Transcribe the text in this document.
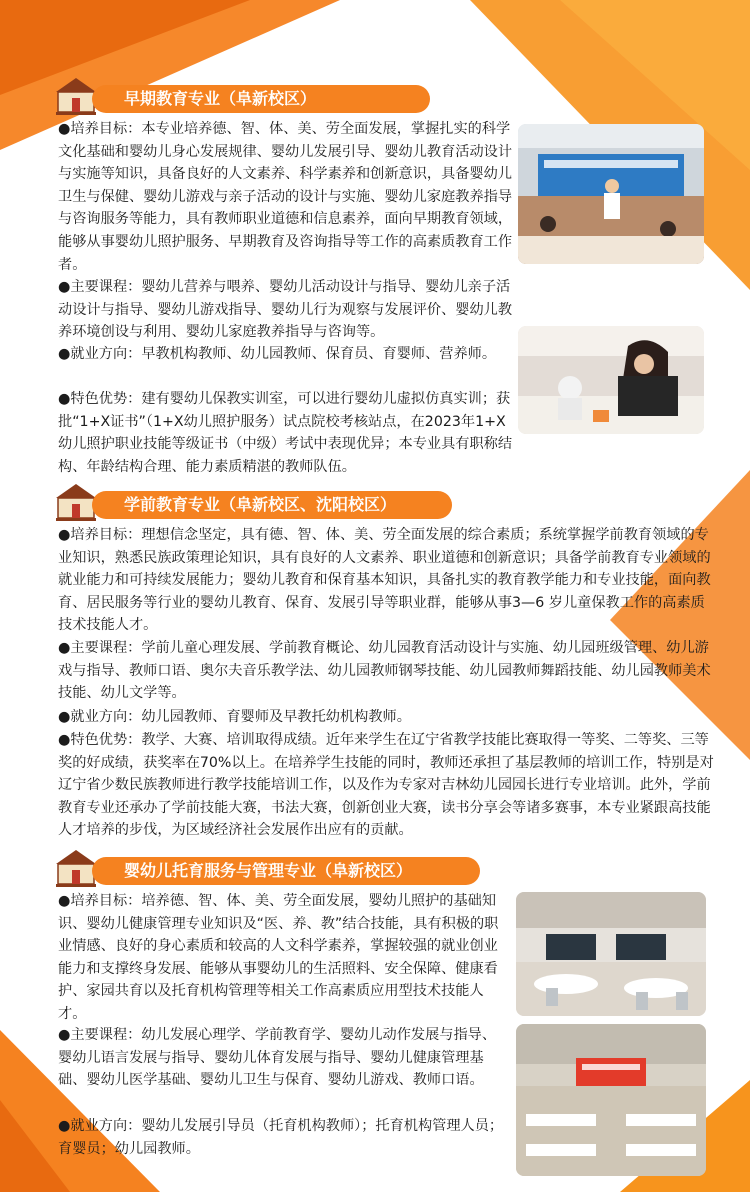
早期教育专业（阜新校区）

●培养目标：本专业培养德、智、体、美、劳全面发展，掌握扎实的科学文化基础和婴幼儿身心发展规律、婴幼儿发展引导、婴幼儿教育活动设计与实施等知识，具备良好的人文素养、科学素养和创新意识，具备婴幼儿卫生与保健、婴幼儿游戏与亲子活动的设计与实施、婴幼儿家庭教养指导与咨询服务等能力，具有教师职业道德和信息素养，面向早期教育领域，能够从事婴幼儿照护服务、早期教育及咨询指导等工作的高素质教育工作者。

●主要课程：婴幼儿营养与喂养、婴幼儿活动设计与指导、婴幼儿亲子活动设计与指导、婴幼儿游戏指导、婴幼儿行为观察与发展评价、婴幼儿教养环境创设与利用、婴幼儿家庭教养指导与咨询等。

●就业方向：早教机构教师、幼儿园教师、保育员、育婴师、营养师。

●特色优势：建有婴幼儿保教实训室，可以进行婴幼儿虚拟仿真实训；获批“1+X证书”（1+X幼儿照护服务）试点院校考核站点，在2023年1+X幼儿照护职业技能等级证书（中级）考试中表现优异；本专业具有职称结构、年龄结构合理、能力素质精湛的教师队伍。

学前教育专业（阜新校区、沈阳校区）

●培养目标：理想信念坚定，具有德、智、体、美、劳全面发展的综合素质；系统掌握学前教育领域的专业知识，熟悉民族政策理论知识，具有良好的人文素养、职业道德和创新意识；具备学前教育专业领域的就业能力和可持续发展能力；婴幼儿教育和保育基本知识，具备扎实的教育教学能力和专业技能，面向教育、居民服务等行业的婴幼儿教育、保育、发展引导等职业群，能够从事3—6 岁儿童保教工作的高素质技术技能人才。

●主要课程：学前儿童心理发展、学前教育概论、幼儿园教育活动设计与实施、幼儿园班级管理、幼儿游戏与指导、教师口语、奥尔夫音乐教学法、幼儿园教师钢琴技能、幼儿园教师舞蹈技能、幼儿园教师美术技能、幼儿文学等。

●就业方向：幼儿园教师、育婴师及早教托幼机构教师。

●特色优势：教学、大赛、培训取得成绩。近年来学生在辽宁省教学技能比赛取得一等奖、二等奖、三等奖的好成绩，获奖率在70%以上。在培养学生技能的同时，教师还承担了基层教师的培训工作，特别是对辽宁省少数民族教师进行教学技能培训工作，以及作为专家对吉林幼儿园园长进行专业培训。此外，学前教育专业还承办了学前技能大赛，书法大赛，创新创业大赛，读书分享会等诸多赛事，本专业紧跟高技能人才培养的步伐，为区域经济社会发展作出应有的贡献。

婴幼儿托育服务与管理专业（阜新校区）

●培养目标：培养德、智、体、美、劳全面发展，婴幼儿照护的基础知识、婴幼儿健康管理专业知识及“医、养、教”结合技能，具有积极的职业情感、良好的身心素质和较高的人文科学素养，掌握较强的就业创业能力和支撑终身发展、能够从事婴幼儿的生活照料、安全保障、健康看护、家园共育以及托育机构管理等相关工作高素质应用型技术技能人才。

●主要课程：幼儿发展心理学、学前教育学、婴幼儿动作发展与指导、婴幼儿语言发展与指导、婴幼儿体育发展与指导、婴幼儿健康管理基础、婴幼儿医学基础、婴幼儿卫生与保育、婴幼儿游戏、教师口语。

●就业方向：婴幼儿发展引导员（托育机构教师）；托育机构管理人员；育婴员；幼儿园教师。
